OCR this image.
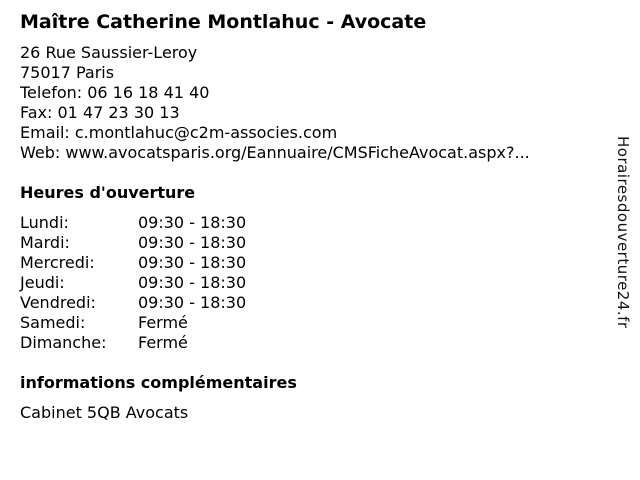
Maître Catherine Montlahuc - Avocate
26 Rue Saussier-Leroy
75017 Paris
Telefon: 06 16 18 41 40
Fax: 01 47 23 30 13
Email: c.montlahuc@c2m-associes.com
Web: www.avocatsparis.org/Eannuaire/CMSFicheAvocat.aspx?...
Heures d'ouverture
Lundi:	09:30 - 18:30
Mardi:	09:30 - 18:30
Mercredi:	09:30 - 18:30
Jeudi:	09:30 - 18:30
Vendredi:	09:30 - 18:30
Samedi:	Fermé
Dimanche: Fermé
informations complémentaires
Cabinet 5QB Avocats
Horairesdouverture24.fr
